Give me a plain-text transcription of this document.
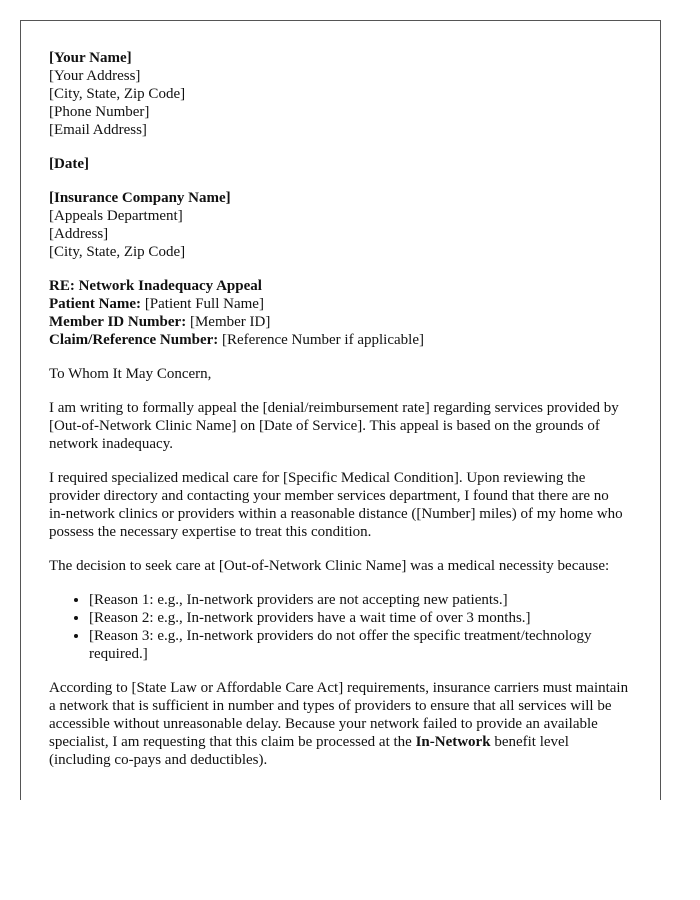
[Your Name]
[Your Address]
[City, State, Zip Code]
[Phone Number]
[Email Address]
[Date]
[Insurance Company Name]
[Appeals Department]
[Address]
[City, State, Zip Code]
RE: Network Inadequacy Appeal
Patient Name: [Patient Full Name]
Member ID Number: [Member ID]
Claim/Reference Number: [Reference Number if applicable]

To Whom It May Concern,

I am writing to formally appeal the [denial/reimbursement rate] regarding services provided by [Out-of-Network Clinic Name] on [Date of Service]. This appeal is based on the grounds of network inadequacy.

I required specialized medical care for [Specific Medical Condition]. Upon reviewing the provider directory and contacting your member services department, I found that there are no in-network clinics or providers within a reasonable distance ([Number] miles) of my home who possess the necessary expertise to treat this condition.

The decision to seek care at [Out-of-Network Clinic Name] was a medical necessity because:

• [Reason 1: e.g., In-network providers are not accepting new patients.]
• [Reason 2: e.g., In-network providers have a wait time of over 3 months.]
• [Reason 3: e.g., In-network providers do not offer the specific treatment/technology required.]

According to [State Law or Affordable Care Act] requirements, insurance carriers must maintain a network that is sufficient in number and types of providers to ensure that all services will be accessible without unreasonable delay. Because your network failed to provide an available specialist, I am requesting that this claim be processed at the In-Network benefit level (including co-pays and deductibles).
